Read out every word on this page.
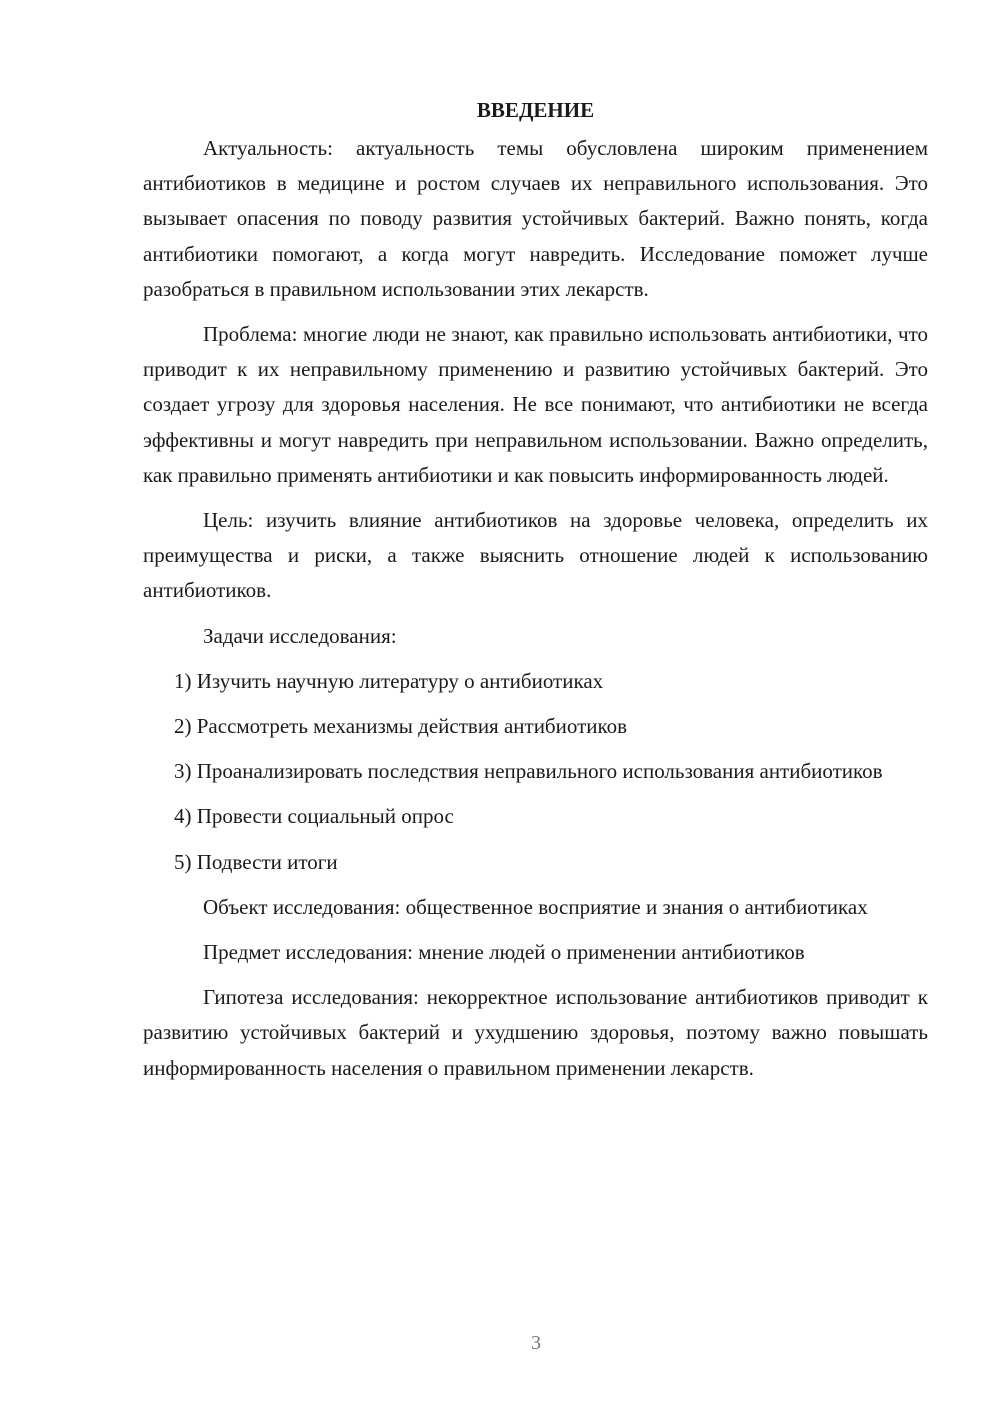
ВВЕДЕНИЕ

Актуальность: актуальность темы обусловлена широким применением антибиотиков в медицине и ростом случаев их неправильного использования. Это вызывает опасения по поводу развития устойчивых бактерий. Важно понять, когда антибиотики помогают, а когда могут навредить. Исследование поможет лучше разобраться в правильном использовании этих лекарств.

Проблема: многие люди не знают, как правильно использовать антибиотики, что приводит к их неправильному применению и развитию устойчивых бактерий. Это создает угрозу для здоровья населения. Не все понимают, что антибиотики не всегда эффективны и могут навредить при неправильном использовании. Важно определить, как правильно применять антибиотики и как повысить информированность людей.

Цель: изучить влияние антибиотиков на здоровье человека, определить их преимущества и риски, а также выяснить отношение людей к использованию антибиотиков.

Задачи исследования:

1) Изучить научную литературу о антибиотиках

2) Рассмотреть механизмы действия антибиотиков

3) Проанализировать последствия неправильного использования антибиотиков

4) Провести социальный опрос

5) Подвести итоги

Объект исследования: общественное восприятие и знания о антибиотиках

Предмет исследования: мнение людей о применении антибиотиков

Гипотеза исследования: некорректное использование антибиотиков приводит к развитию устойчивых бактерий и ухудшению здоровья, поэтому важно повышать информированность населения о правильном применении лекарств.

3
